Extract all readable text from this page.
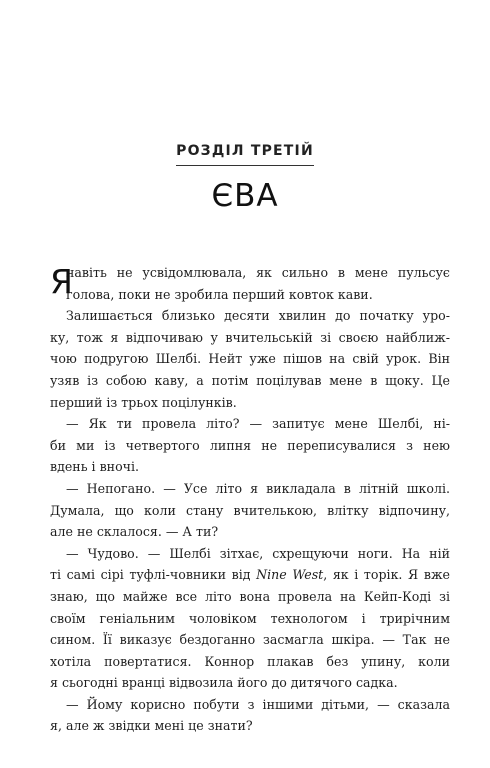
РОЗДІЛ ТРЕТІЙ
ЄВА
Я
навіть не усвідомлювала, як сильно в мене пульсує
голова, поки не зробила перший ковток кави.
Залишається близько десяти хвилин до початку уро-
ку, тож я відпочиваю у вчительській зі своєю найближ-
чою подругою Шелбі. Нейт уже пішов на свій урок. Він
узяв із собою каву, а потім поцілував мене в щоку. Це
перший із трьох поцілунків.
— Як ти провела літо? — запитує мене Шелбі, ні-
би ми із четвертого липня не переписувалися з нею
вдень і вночі.
— Непогано. — Усе літо я викладала в літній школі.
Думала, що коли стану вчителькою, влітку відпочину,
але не склалося. — А ти?
— Чудово. — Шелбі зітхає, схрещуючи ноги. На ній
ті самі сірі туфлі-човники від Nine West, як і торік. Я вже
знаю, що майже все літо вона провела на Кейп-Коді зі
своїм геніальним чоловіком технологом і трирічним
сином. Її виказує бездоганно засмагла шкіра. — Так не
хотіла повертатися. Коннор плакав без упину, коли
я сьогодні вранці відвозила його до дитячого садка.
— Йому корисно побути з іншими дітьми, — сказала
я, але ж звідки мені це знати?
